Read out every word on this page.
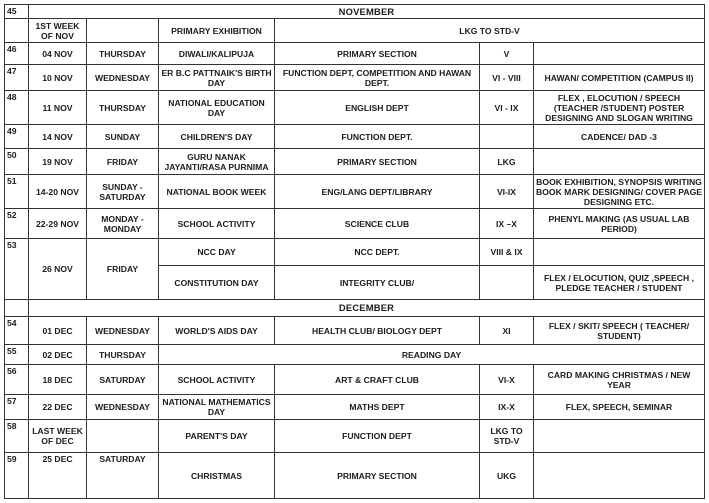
45	NOVEMBER					
	1ST WEEK OF NOV		PRIMARY EXHIBITION	LKG TO STD-V		
46	04 NOV	THURSDAY	DIWALI/KALIPUJA	PRIMARY SECTION	V	
47	10 NOV	WEDNESDAY	ER B.C PATTNAIK'S BIRTH DAY	FUNCTION DEPT, COMPETITION AND HAWAN DEPT.	VI - VIII	HAWAN/ COMPETITION (CAMPUS II)
48	11 NOV	THURSDAY	NATIONAL EDUCATION DAY	ENGLISH DEPT	VI - IX	FLEX , ELOCUTION / SPEECH (TEACHER /STUDENT) POSTER DESIGNING AND SLOGAN WRITING
49	14 NOV	SUNDAY	CHILDREN'S DAY	FUNCTION DEPT.		CADENCE/ DAD -3
50	19 NOV	FRIDAY	GURU NANAK JAYANTI/RASA PURNIMA	PRIMARY SECTION	LKG	
51	14-20 NOV	SUNDAY - SATURDAY	NATIONAL BOOK WEEK	ENG/LANG DEPT/LIBRARY	VI-IX	BOOK EXHIBITION, SYNOPSIS WRITING BOOK MARK DESIGNING/ COVER PAGE DESIGNING ETC.
52	22-29 NOV	MONDAY - MONDAY	SCHOOL ACTIVITY	SCIENCE CLUB	IX –X	PHENYL MAKING (AS USUAL LAB PERIOD)
53	26 NOV	FRIDAY	NCC DAY	NCC DEPT.	VIII & IX	
			CONSTITUTION DAY	INTEGRITY CLUB/		FLEX / ELOCUTION, QUIZ ,SPEECH , PLEDGE TEACHER / STUDENT
	DECEMBER					
54	01 DEC	WEDNESDAY	WORLD'S AIDS DAY	HEALTH CLUB/ BIOLOGY DEPT	XI	FLEX / SKIT/ SPEECH ( TEACHER/ STUDENT)
55	02 DEC	THURSDAY	READING DAY			
56	18 DEC	SATURDAY	SCHOOL ACTIVITY	ART & CRAFT CLUB	VI-X	CARD MAKING CHRISTMAS / NEW YEAR
57	22 DEC	WEDNESDAY	NATIONAL MATHEMATICS DAY	MATHS DEPT	IX-X	FLEX, SPEECH, SEMINAR
58	LAST WEEK OF DEC		PARENT'S DAY	FUNCTION DEPT	LKG TO STD-V	
59	25 DEC	SATURDAY	CHRISTMAS	PRIMARY SECTION	UKG	
